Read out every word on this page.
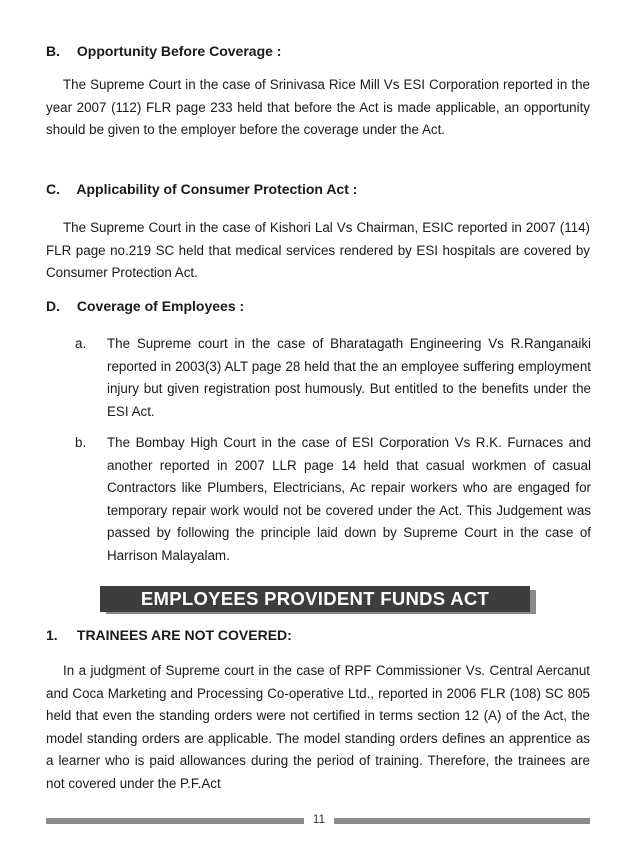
B. Opportunity Before Coverage :

The Supreme Court in the case of Srinivasa Rice Mill Vs ESI Corporation reported in the year 2007 (112) FLR page 233 held that before the Act is made applicable, an opportunity should be given to the employer before the coverage under the Act.

C. Applicability of Consumer Protection Act :

The Supreme Court in the case of Kishori Lal Vs Chairman, ESIC reported in 2007 (114) FLR page no.219 SC held that medical services rendered by ESI hospitals are covered by Consumer Protection Act.

D. Coverage of Employees :
a. The Supreme court in the case of Bharatagath Engineering Vs R.Ranganaiki reported in 2003(3) ALT page 28 held that the an employee suffering employment injury but given registration post humously. But entitled to the benefits under the ESI Act.

b. The Bombay High Court in the case of ESI Corporation Vs R.K. Furnaces and another reported in 2007 LLR page 14 held that casual workmen of casual Contractors like Plumbers, Electricians, Ac repair workers who are engaged for temporary repair work would not be covered under the Act. This Judgement was passed by following the principle laid down by Supreme Court in the case of Harrison Malayalam.

EMPLOYEES PROVIDENT FUNDS ACT
1. TRAINEES ARE NOT COVERED:

In a judgment of Supreme court in the case of RPF Commissioner Vs. Central Aercanut and Coca Marketing and Processing Co-operative Ltd., reported in 2006 FLR (108) SC 805 held that even the standing orders were not certified in terms section 12 (A) of the Act, the model standing orders are applicable. The model standing orders defines an apprentice as a learner who is paid allowances during the period of training. Therefore, the trainees are not covered under the P.F.Act

11
